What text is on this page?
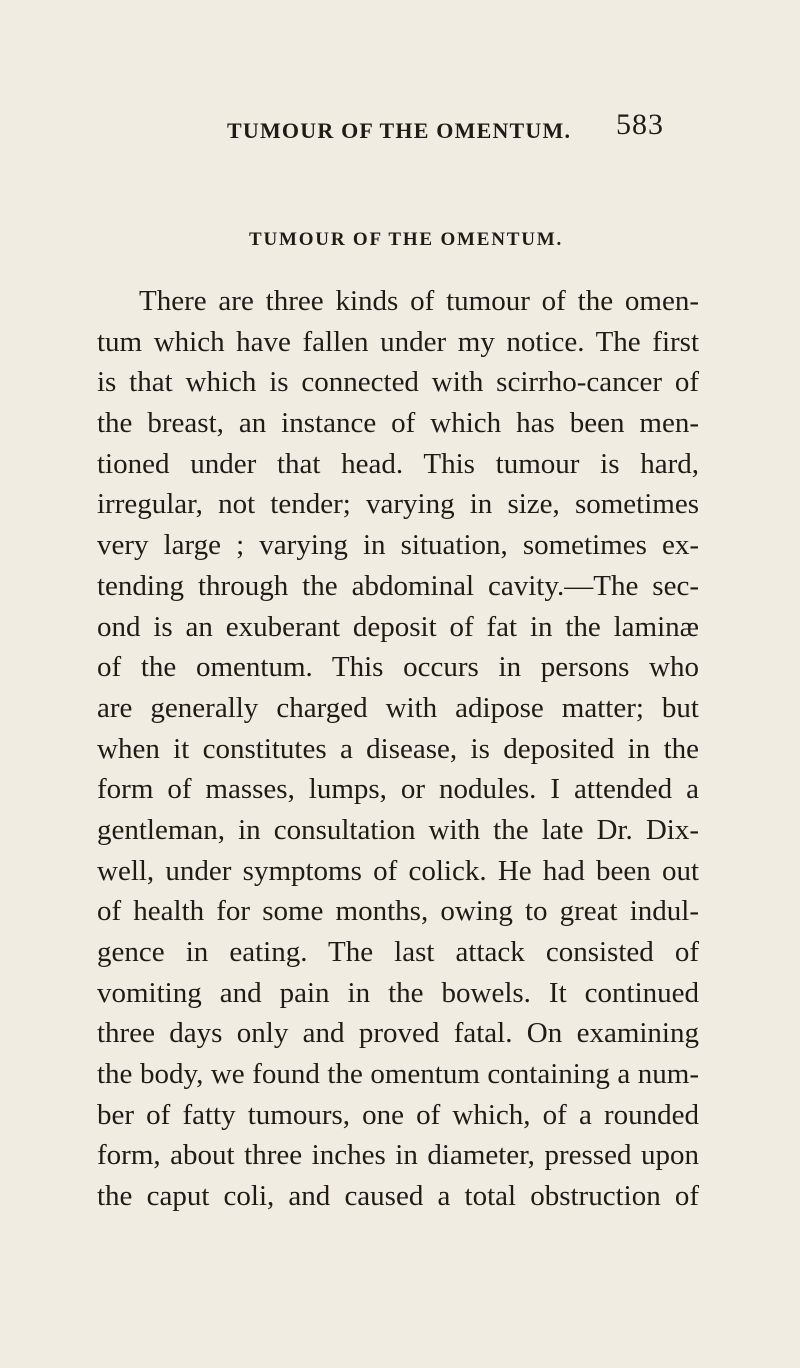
TUMOUR OF THE OMENTUM. 583
TUMOUR OF THE OMENTUM.
There are three kinds of tumour of the omen-
tum which have fallen under my notice. The first
is that which is connected with scirrho-cancer of
the breast, an instance of which has been men-
tioned under that head. This tumour is hard,
irregular, not tender; varying in size, sometimes
very large ; varying in situation, sometimes ex-
tending through the abdominal cavity.—The sec-
ond is an exuberant deposit of fat in the laminæ
of the omentum. This occurs in persons who
are generally charged with adipose matter; but
when it constitutes a disease, is deposited in the
form of masses, lumps, or nodules. I attended a
gentleman, in consultation with the late Dr. Dix-
well, under symptoms of colick. He had been out
of health for some months, owing to great indul-
gence in eating. The last attack consisted of
vomiting and pain in the bowels. It continued
three days only and proved fatal. On examining
the body, we found the omentum containing a num-
ber of fatty tumours, one of which, of a rounded
form, about three inches in diameter, pressed upon
the caput coli, and caused a total obstruction of
